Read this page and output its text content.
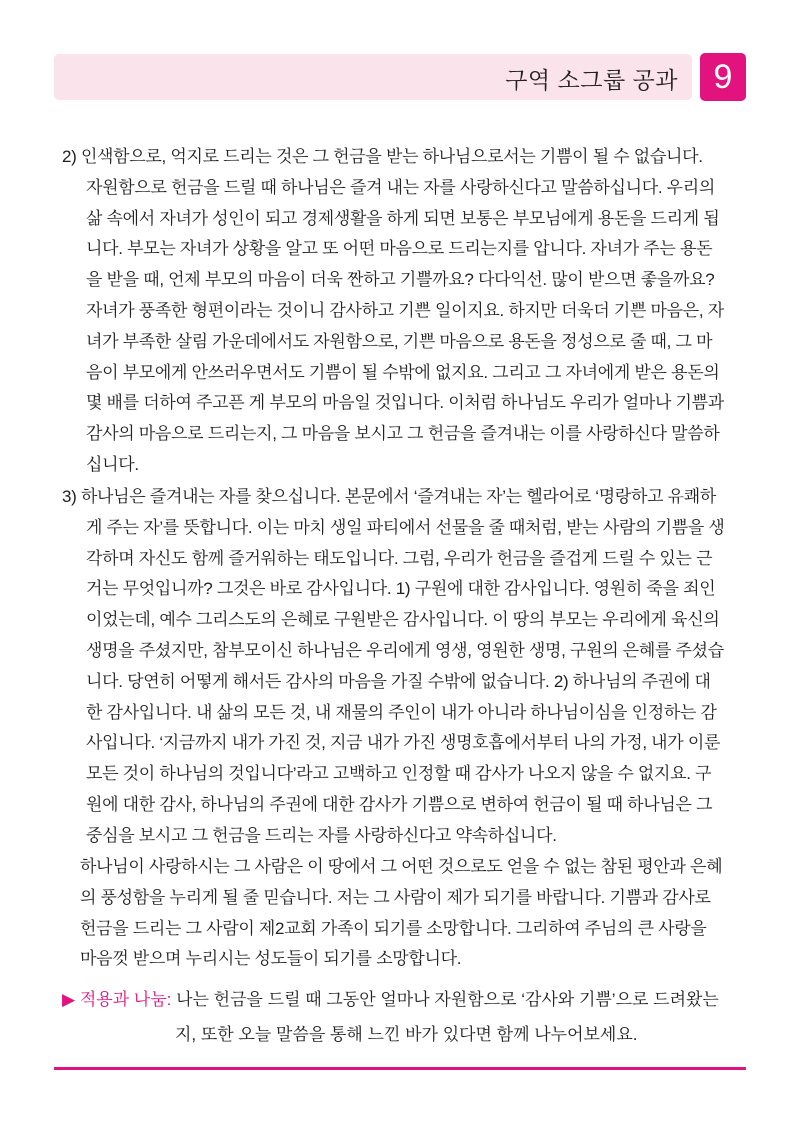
구역 소그룹 공과	9
2) 인색함으로, 억지로 드리는 것은 그 헌금을 받는 하나님으로서는 기쁨이 될 수 없습니다.
자원함으로 헌금을 드릴 때 하나님은 즐겨 내는 자를 사랑하신다고 말씀하십니다. 우리의
삶 속에서 자녀가 성인이 되고 경제생활을 하게 되면 보통은 부모님에게 용돈을 드리게 됩
니다. 부모는 자녀가 상황을 알고 또 어떤 마음으로 드리는지를 압니다. 자녀가 주는 용돈
을 받을 때, 언제 부모의 마음이 더욱 짠하고 기쁠까요? 다다익선. 많이 받으면 좋을까요?
자녀가 풍족한 형편이라는 것이니 감사하고 기쁜 일이지요. 하지만 더욱더 기쁜 마음은, 자
녀가 부족한 살림 가운데에서도 자원함으로, 기쁜 마음으로 용돈을 정성으로 줄 때, 그 마
음이 부모에게 안쓰러우면서도 기쁨이 될 수밖에 없지요. 그리고 그 자녀에게 받은 용돈의
몇 배를 더하여 주고픈 게 부모의 마음일 것입니다. 이처럼 하나님도 우리가 얼마나 기쁨과
감사의 마음으로 드리는지, 그 마음을 보시고 그 헌금을 즐겨내는 이를 사랑하신다 말씀하
십니다.
3) 하나님은 즐겨내는 자를 찾으십니다. 본문에서 ‘즐겨내는 자’는 헬라어로 ‘명랑하고 유쾌하
게 주는 자’를 뜻합니다. 이는 마치 생일 파티에서 선물을 줄 때처럼, 받는 사람의 기쁨을 생
각하며 자신도 함께 즐거워하는 태도입니다. 그럼, 우리가 헌금을 즐겁게 드릴 수 있는 근
거는 무엇입니까? 그것은 바로 감사입니다. 1) 구원에 대한 감사입니다. 영원히 죽을 죄인
이었는데, 예수 그리스도의 은혜로 구원받은 감사입니다. 이 땅의 부모는 우리에게 육신의
생명을 주셨지만, 참부모이신 하나님은 우리에게 영생, 영원한 생명, 구원의 은혜를 주셨습
니다. 당연히 어떻게 해서든 감사의 마음을 가질 수밖에 없습니다. 2) 하나님의 주권에 대
한 감사입니다. 내 삶의 모든 것, 내 재물의 주인이 내가 아니라 하나님이심을 인정하는 감
사입니다. ‘지금까지 내가 가진 것, 지금 내가 가진 생명호흡에서부터 나의 가정, 내가 이룬
모든 것이 하나님의 것입니다’라고 고백하고 인정할 때 감사가 나오지 않을 수 없지요. 구
원에 대한 감사, 하나님의 주권에 대한 감사가 기쁨으로 변하여 헌금이 될 때 하나님은 그
중심을 보시고 그 헌금을 드리는 자를 사랑하신다고 약속하십니다.
하나님이 사랑하시는 그 사람은 이 땅에서 그 어떤 것으로도 얻을 수 없는 참된 평안과 은혜
의 풍성함을 누리게 될 줄 믿습니다. 저는 그 사람이 제가 되기를 바랍니다. 기쁨과 감사로
헌금을 드리는 그 사람이 제2교회 가족이 되기를 소망합니다. 그리하여 주님의 큰 사랑을
마음껏 받으며 누리시는 성도들이 되기를 소망합니다.
▶ 적용과 나눔: 나는 헌금을 드릴 때 그동안 얼마나 자원함으로 ‘감사와 기쁨’으로 드려왔는
지, 또한 오늘 말씀을 통해 느낀 바가 있다면 함께 나누어보세요.
